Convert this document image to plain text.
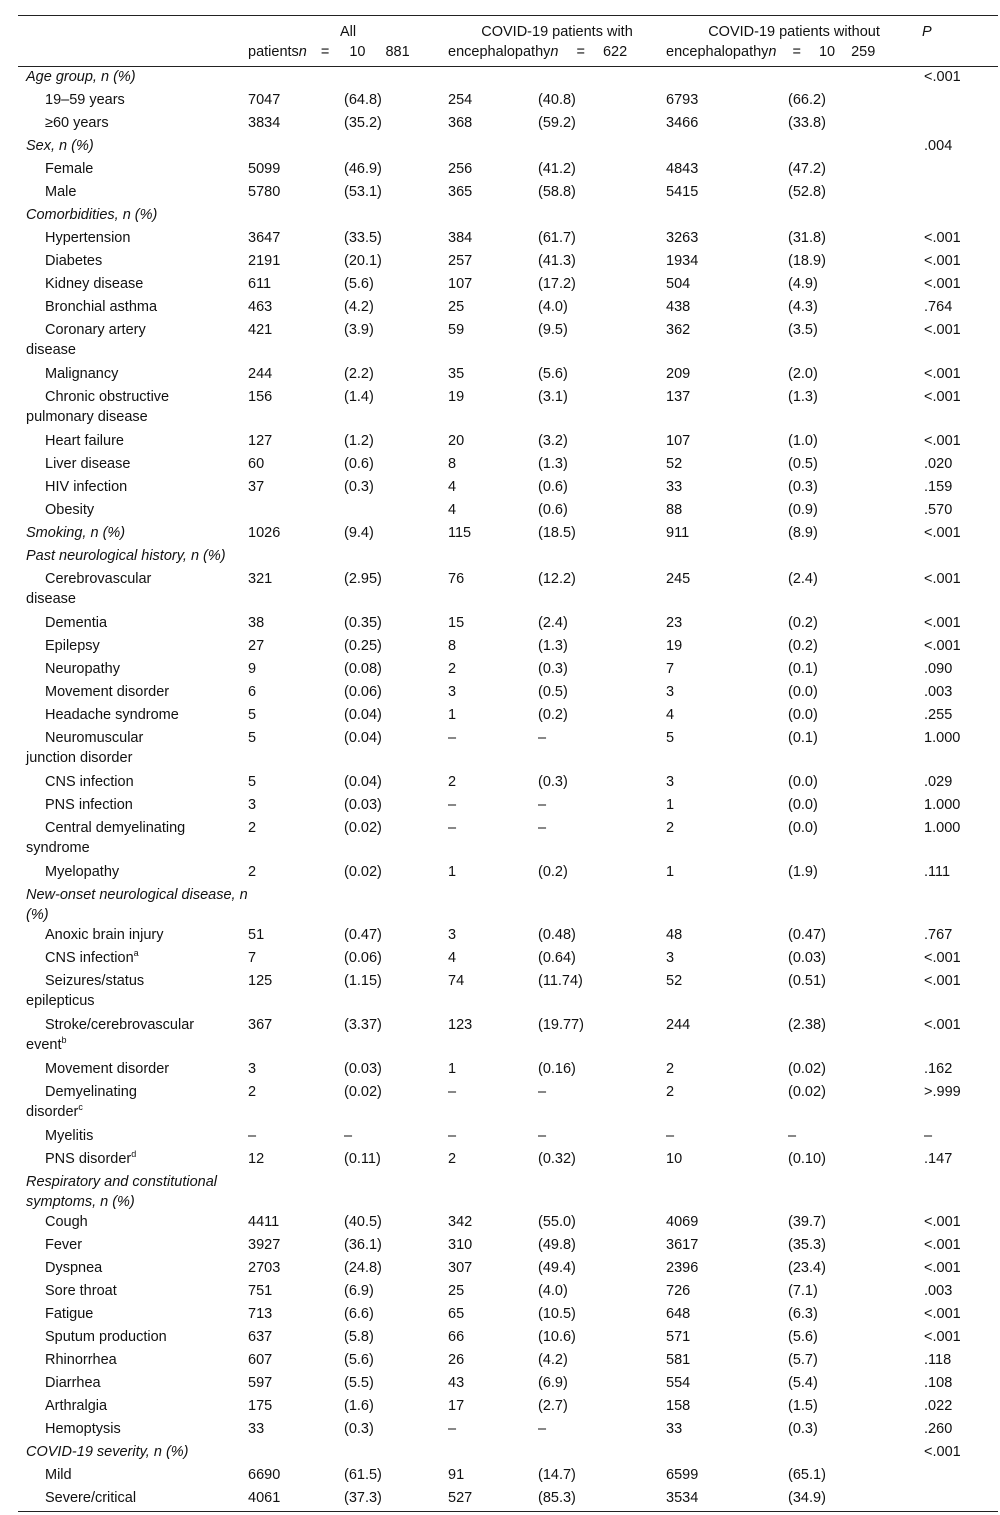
	All		COVID-19 patients with		COVID-19 patients without		P
	patientsn = 10 881		encephalopathyn = 622		encephalopathyn = 10 259		
Age group, n (%)							<.001
19–59 years	7047	(64.8)	254	(40.8)	6793	(66.2)	
≥60 years	3834	(35.2)	368	(59.2)	3466	(33.8)	
Sex, n (%)							.004
Female	5099	(46.9)	256	(41.2)	4843	(47.2)	
Male	5780	(53.1)	365	(58.8)	5415	(52.8)	
Comorbidities, n (%)							
Hypertension	3647	(33.5)	384	(61.7)	3263	(31.8)	<.001
Diabetes	2191	(20.1)	257	(41.3)	1934	(18.9)	<.001
Kidney disease	611	(5.6)	107	(17.2)	504	(4.9)	<.001
Bronchial asthma	463	(4.2)	25	(4.0)	438	(4.3)	.764
Coronary artery
disease	421	(3.9)	59	(9.5)	362	(3.5)	<.001
Malignancy	244	(2.2)	35	(5.6)	209	(2.0)	<.001
Chronic obstructive
pulmonary disease	156	(1.4)	19	(3.1)	137	(1.3)	<.001
Heart failure	127	(1.2)	20	(3.2)	107	(1.0)	<.001
Liver disease	60	(0.6)	8	(1.3)	52	(0.5)	.020
HIV infection	37	(0.3)	4	(0.6)	33	(0.3)	.159
Obesity			4	(0.6)	88	(0.9)	.570
Smoking, n (%)	1026	(9.4)	115	(18.5)	911	(8.9)	<.001
Past neurological history, n (%)							
Cerebrovascular
disease	321	(2.95)	76	(12.2)	245	(2.4)	<.001
Dementia	38	(0.35)	15	(2.4)	23	(0.2)	<.001
Epilepsy	27	(0.25)	8	(1.3)	19	(0.2)	<.001
Neuropathy	9	(0.08)	2	(0.3)	7	(0.1)	.090
Movement disorder	6	(0.06)	3	(0.5)	3	(0.0)	.003
Headache syndrome	5	(0.04)	1	(0.2)	4	(0.0)	.255
Neuromuscular
junction disorder	5	(0.04)	–	–	5	(0.1)	1.000
CNS infection	5	(0.04)	2	(0.3)	3	(0.0)	.029
PNS infection	3	(0.03)	–	–	1	(0.0)	1.000
Central demyelinating
syndrome	2	(0.02)	–	–	2	(0.0)	1.000
Myelopathy	2	(0.02)	1	(0.2)	1	(1.9)	.111
New-onset neurological disease, n (%)							
Anoxic brain injury	51	(0.47)	3	(0.48)	48	(0.47)	.767
CNS infection$^a$	7	(0.06)	4	(0.64)	3	(0.03)	<.001
Seizures/status
epilepticus	125	(1.15)	74	(11.74)	52	(0.51)	<.001
Stroke/cerebrovascular
event$^b$	367	(3.37)	123	(19.77)	244	(2.38)	<.001
Movement disorder	3	(0.03)	1	(0.16)	2	(0.02)	.162
Demyelinating
disorder$^c$	2	(0.02)	–	–	2	(0.02)	>.999
Myelitis	–	–	–	–	–	–	–
PNS disorder$^d$	12	(0.11)	2	(0.32)	10	(0.10)	.147
Respiratory and constitutional symptoms, n (%)							
Cough	4411	(40.5)	342	(55.0)	4069	(39.7)	<.001
Fever	3927	(36.1)	310	(49.8)	3617	(35.3)	<.001
Dyspnea	2703	(24.8)	307	(49.4)	2396	(23.4)	<.001
Sore throat	751	(6.9)	25	(4.0)	726	(7.1)	.003
Fatigue	713	(6.6)	65	(10.5)	648	(6.3)	<.001
Sputum production	637	(5.8)	66	(10.6)	571	(5.6)	<.001
Rhinorrhea	607	(5.6)	26	(4.2)	581	(5.7)	.118
Diarrhea	597	(5.5)	43	(6.9)	554	(5.4)	.108
Arthralgia	175	(1.6)	17	(2.7)	158	(1.5)	.022
Hemoptysis	33	(0.3)	–	–	33	(0.3)	.260
COVID-19 severity, n (%)							<.001
Mild	6690	(61.5)	91	(14.7)	6599	(65.1)	
Severe/critical	4061	(37.3)	527	(85.3)	3534	(34.9)	
